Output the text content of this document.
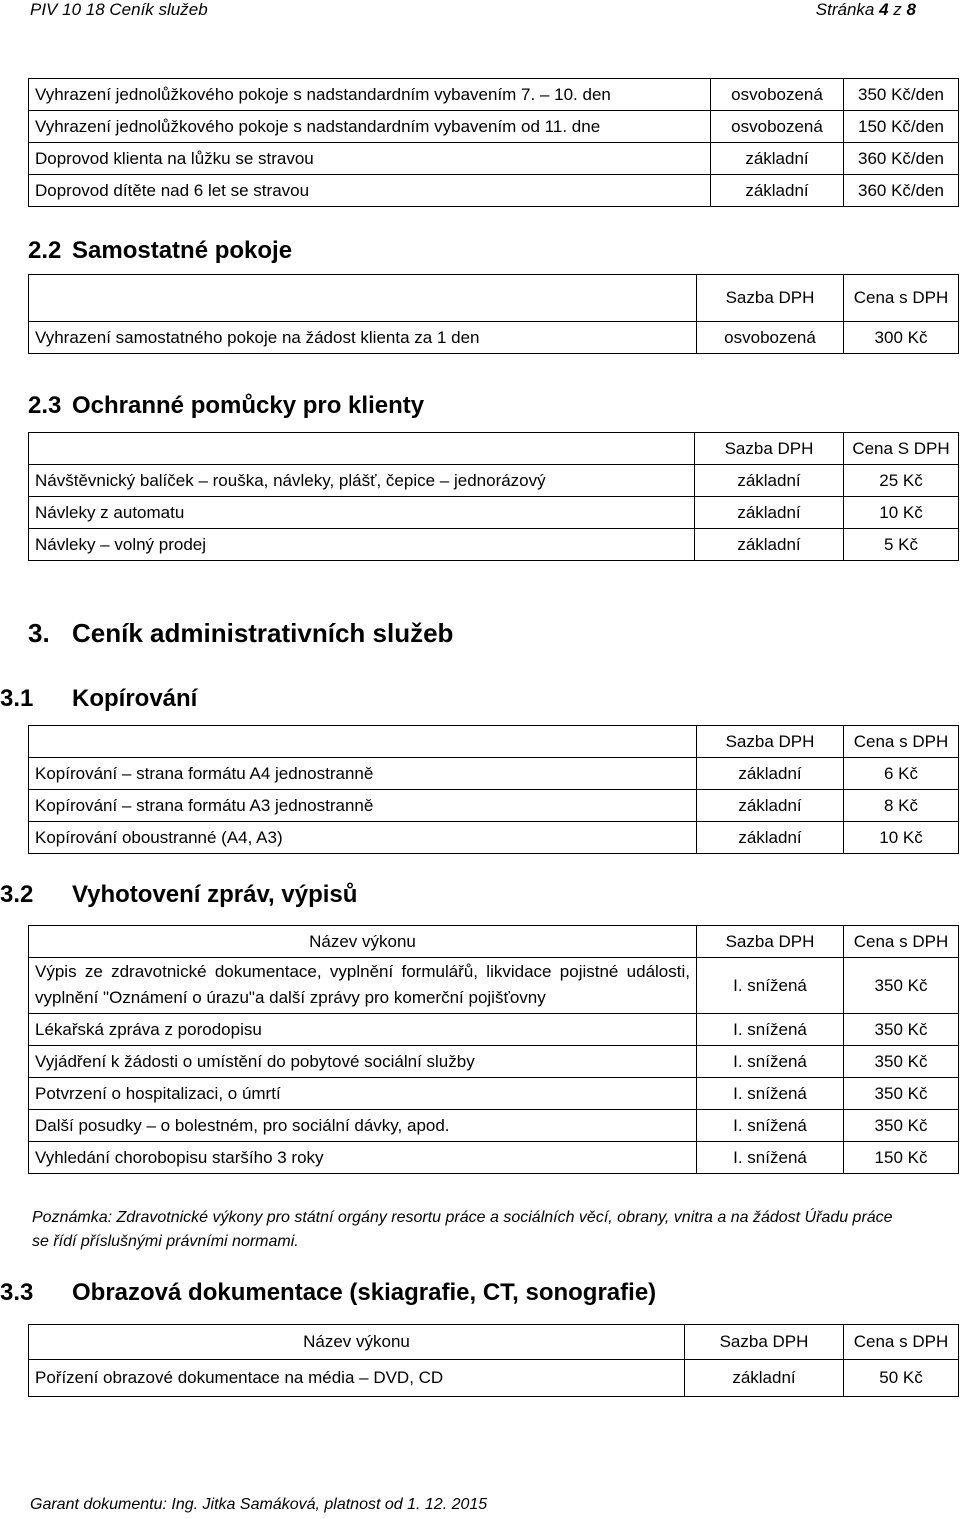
PIV 10 18 Ceník služeb	Stránka 4 z 8
Vyhrazení jednolůžkového pokoje s nadstandardním vybavením 7. – 10. den	osvobozená	350 Kč/den
Vyhrazení jednolůžkového pokoje s nadstandardním vybavením od 11. dne	osvobozená	150 Kč/den
Doprovod klienta na lůžku se stravou	základní	360 Kč/den
Doprovod dítěte nad 6 let se stravou	základní	360 Kč/den
2.2 Samostatné pokoje
	Sazba DPH	Cena s DPH
Vyhrazení samostatného pokoje na žádost klienta za 1 den	osvobozená	300 Kč
2.3 Ochranné pomůcky pro klienty
	Sazba DPH	Cena S DPH
Návštěvnický balíček – rouška, návleky, plášť, čepice – jednorázový	základní	25 Kč
Návleky z automatu	základní	10 Kč
Návleky – volný prodej	základní	5 Kč
3. Ceník administrativních služeb
3.1 Kopírování
	Sazba DPH	Cena s DPH
Kopírování – strana formátu A4 jednostranně	základní	6 Kč
Kopírování – strana formátu A3 jednostranně	základní	8 Kč
Kopírování oboustranné (A4, A3)	základní	10 Kč
3.2 Vyhotovení zpráv, výpisů
Název výkonu	Sazba DPH	Cena s DPH
Výpis ze zdravotnické dokumentace, vyplnění formulářů, likvidace pojistné události, vyplnění "Oznámení o úrazu"a další zprávy pro komerční pojišťovny	I. snížená	350 Kč
Lékařská zpráva z porodopisu	I. snížená	350 Kč
Vyjádření k žádosti o umístění do pobytové sociální služby	I. snížená	350 Kč
Potvrzení o hospitalizaci, o úmrtí	I. snížená	350 Kč
Další posudky – o bolestném, pro sociální dávky, apod.	I. snížená	350 Kč
Vyhledání chorobopisu staršího 3 roky	I. snížená	150 Kč
Poznámka: Zdravotnické výkony pro státní orgány resortu práce a sociálních věcí, obrany, vnitra a na žádost Úřadu práce se řídí příslušnými právními normami.
3.3 Obrazová dokumentace (skiagrafie, CT, sonografie)
Název výkonu	Sazba DPH	Cena s DPH
Pořízení obrazové dokumentace na média – DVD, CD	základní	50 Kč
Garant dokumentu: Ing. Jitka Samáková, platnost od 1. 12. 2015
